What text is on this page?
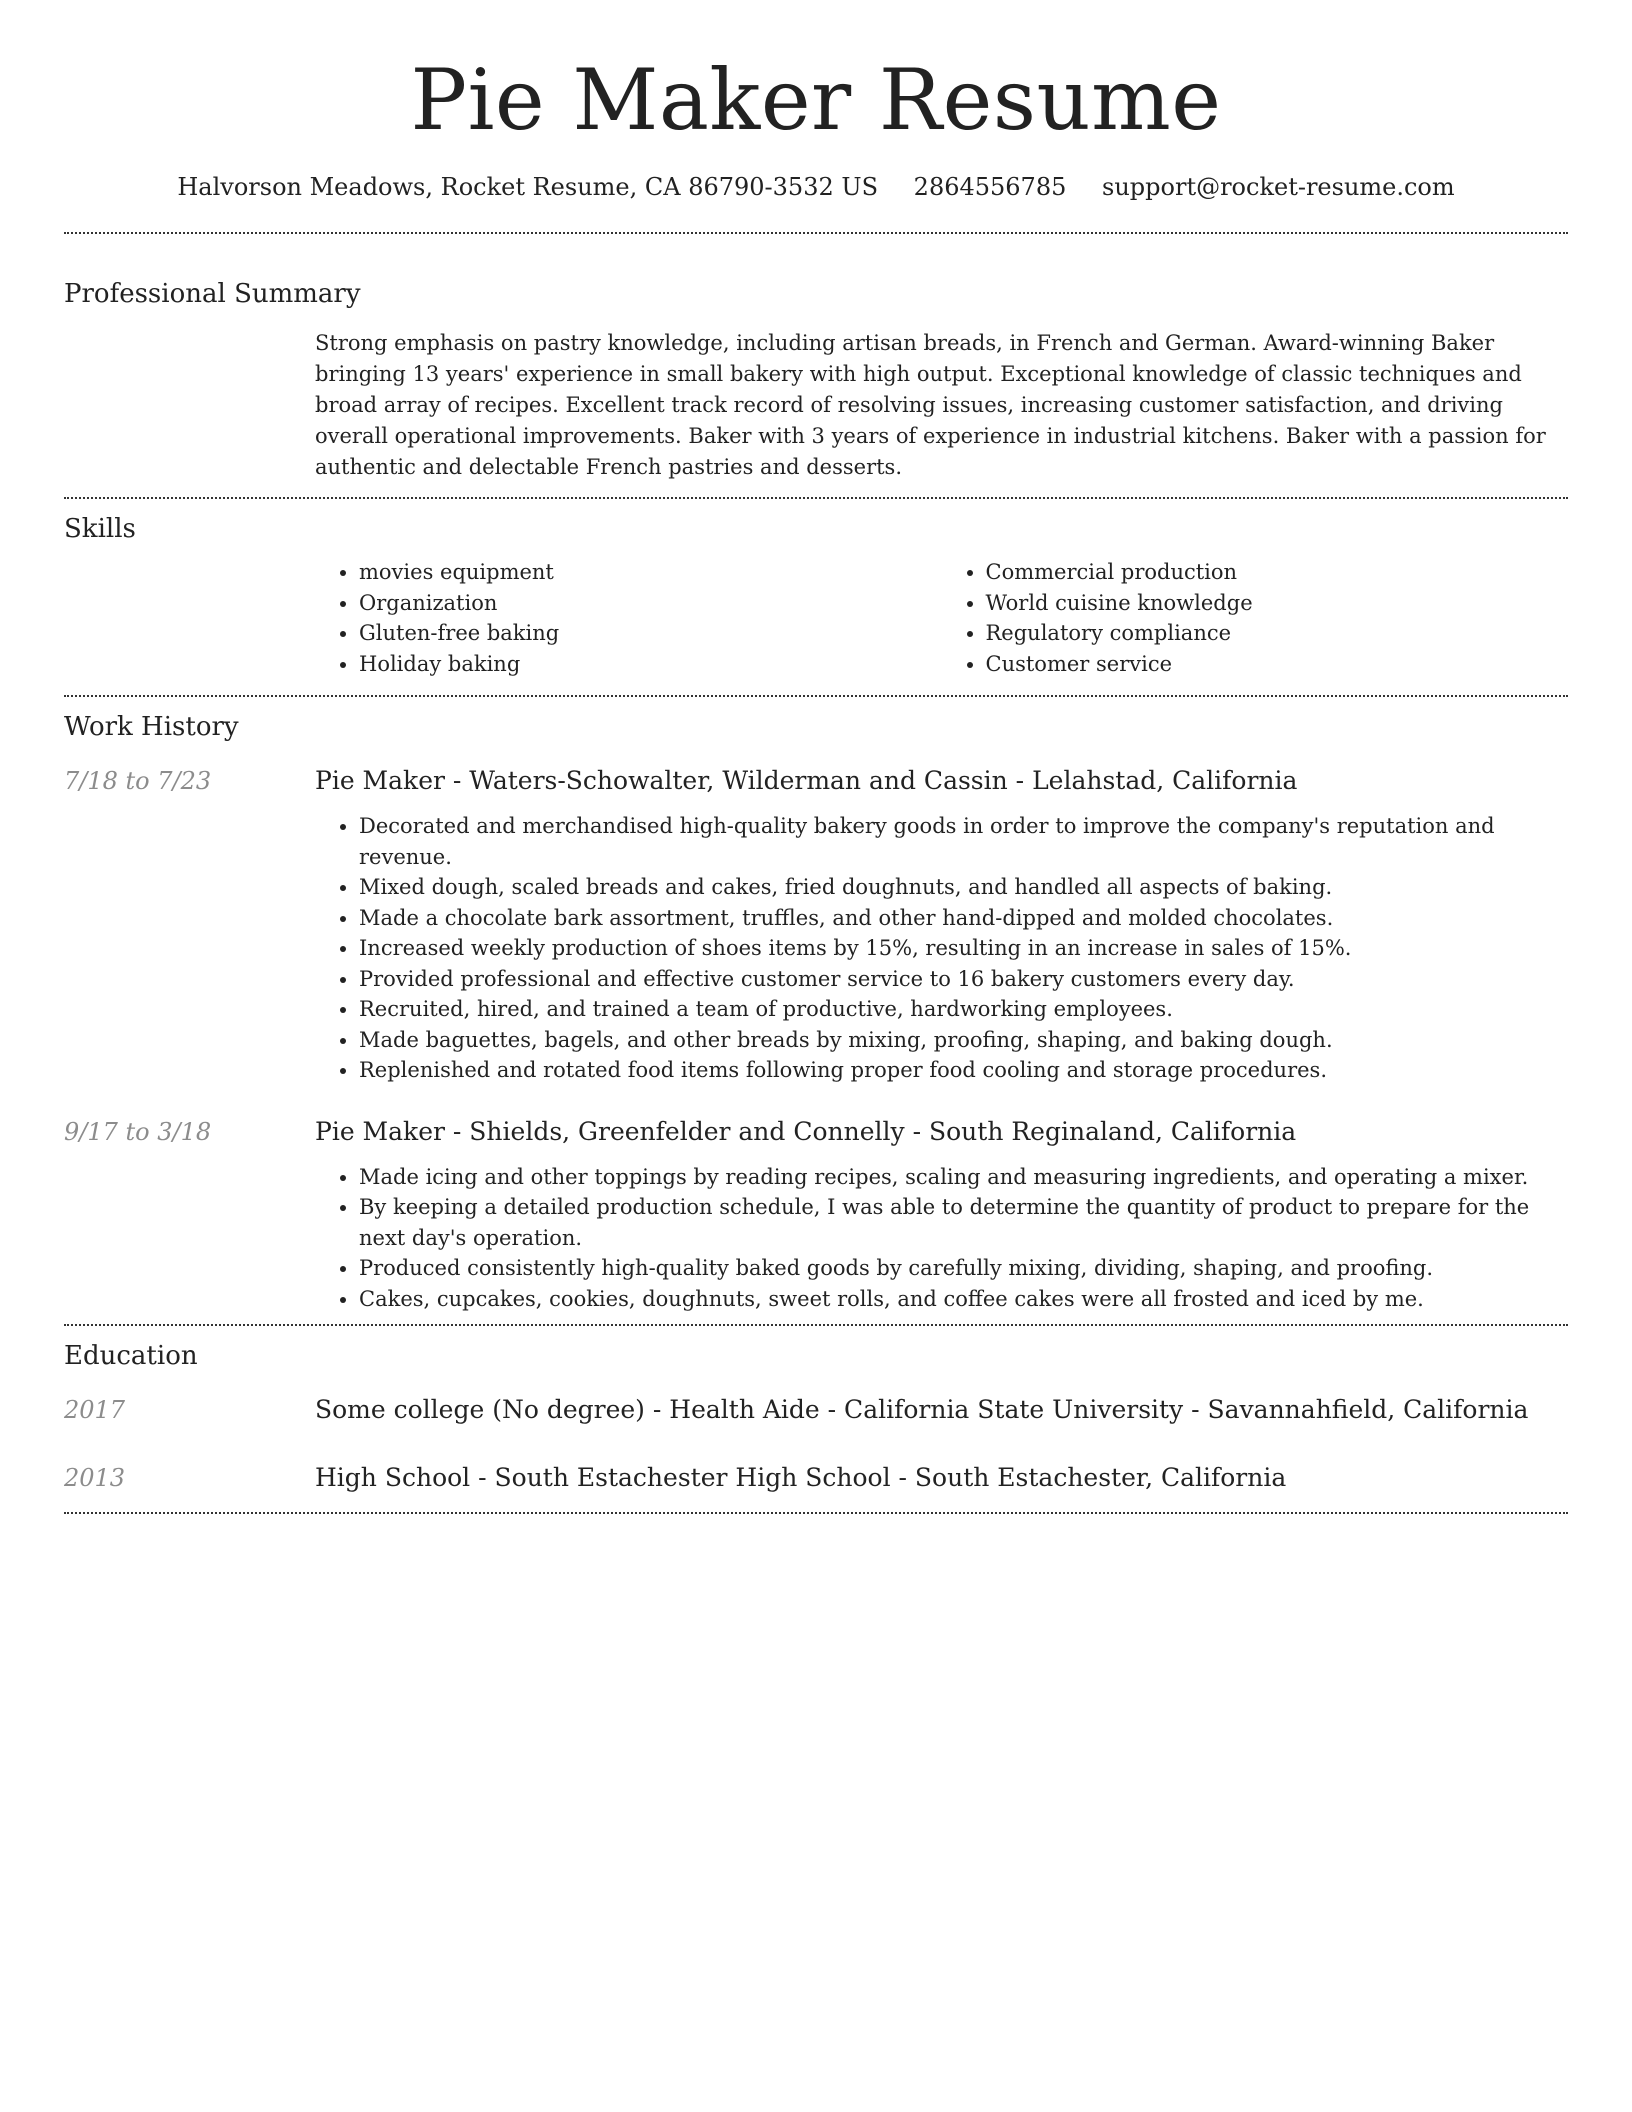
Pie Maker Resume
Halvorson Meadows, Rocket Resume, CA 86790-3532 US 2864556785 support@rocket-resume.com
Professional Summary
Strong emphasis on pastry knowledge, including artisan breads, in French and German. Award-winning Baker bringing 13 years' experience in small bakery with high output. Exceptional knowledge of classic techniques and broad array of recipes. Excellent track record of resolving issues, increasing customer satisfaction, and driving overall operational improvements. Baker with 3 years of experience in industrial kitchens. Baker with a passion for authentic and delectable French pastries and desserts.
Skills
• movies equipment
• Organization
• Gluten-free baking
• Holiday baking
• Commercial production
• World cuisine knowledge
• Regulatory compliance
• Customer service
Work History
7/18 to 7/23	Pie Maker - Waters-Schowalter, Wilderman and Cassin - Lelahstad, California
• Decorated and merchandised high-quality bakery goods in order to improve the company's reputation and revenue.
• Mixed dough, scaled breads and cakes, fried doughnuts, and handled all aspects of baking.
• Made a chocolate bark assortment, truffles, and other hand-dipped and molded chocolates.
• Increased weekly production of shoes items by 15%, resulting in an increase in sales of 15%.
• Provided professional and effective customer service to 16 bakery customers every day.
• Recruited, hired, and trained a team of productive, hardworking employees.
• Made baguettes, bagels, and other breads by mixing, proofing, shaping, and baking dough.
• Replenished and rotated food items following proper food cooling and storage procedures.
9/17 to 3/18	Pie Maker - Shields, Greenfelder and Connelly - South Reginaland, California
• Made icing and other toppings by reading recipes, scaling and measuring ingredients, and operating a mixer.
• By keeping a detailed production schedule, I was able to determine the quantity of product to prepare for the next day's operation.
• Produced consistently high-quality baked goods by carefully mixing, dividing, shaping, and proofing.
• Cakes, cupcakes, cookies, doughnuts, sweet rolls, and coffee cakes were all frosted and iced by me.
Education
2017	Some college (No degree) - Health Aide - California State University - Savannahfield, California
2013	High School - South Estachester High School - South Estachester, California
